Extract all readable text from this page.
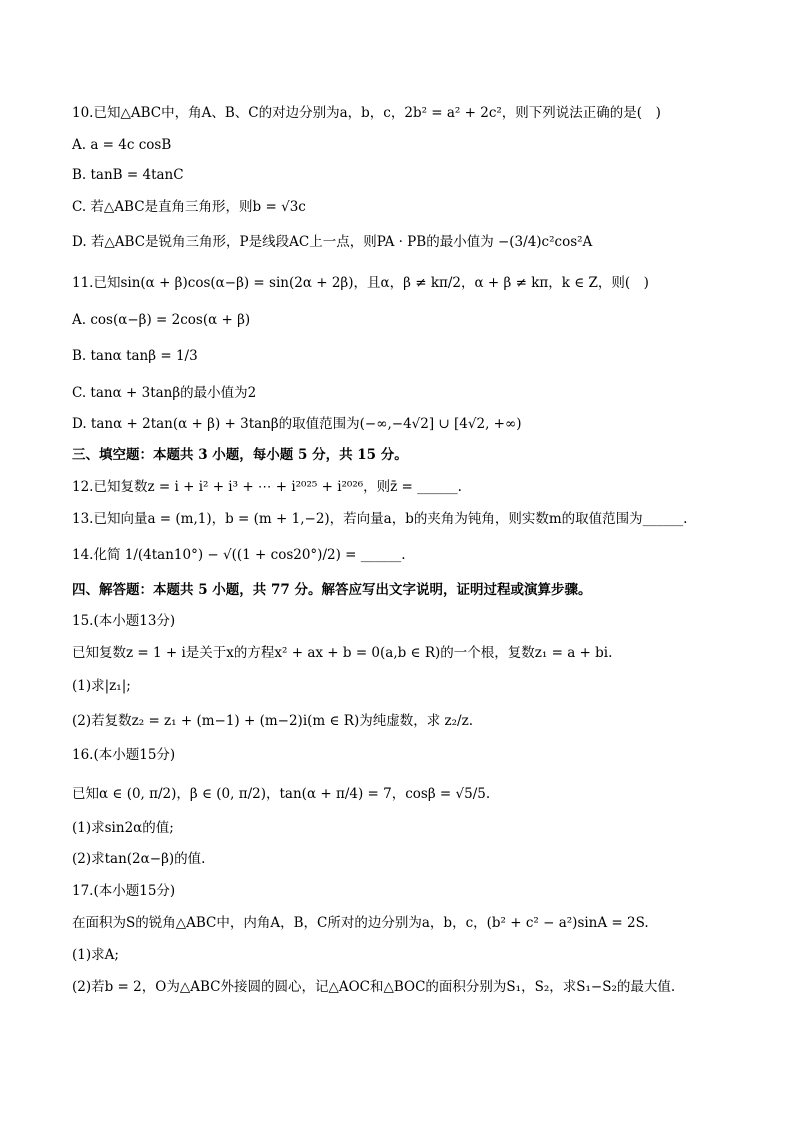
10.已知△ABC中，角A、B、C的对边分别为a，b，c，2b² = a² + 2c²，则下列说法正确的是(　)
A. a = 4c cosB
B. tanB = 4tanC
C. 若△ABC是直角三角形，则b = √3c
D. 若△ABC是锐角三角形，P是线段AC上一点，则PA · PB的最小值为 −(3/4)c²cos²A
11.已知sin(α + β)cos(α−β) = sin(2α + 2β)，且α，β ≠ kπ/2，α + β ≠ kπ，k ∈ Z，则(　)
A. cos(α−β) = 2cos(α + β)
B. tanα tanβ = 1/3
C. tanα + 3tanβ的最小值为2
D. tanα + 2tan(α + β) + 3tanβ的取值范围为(−∞,−4√2] ∪ [4√2, +∞)
三、填空题：本题共 3 小题，每小题 5 分，共 15 分。
12.已知复数z = i + i² + i³ + ⋯ + i²⁰²⁵ + i²⁰²⁶，则z̄ = ______.
13.已知向量a = (m,1)，b = (m + 1,−2)，若向量a，b的夹角为钝角，则实数m的取值范围为______.
14.化简 1/(4tan10°) − √((1 + cos20°)/2) = ______.
四、解答题：本题共 5 小题，共 77 分。解答应写出文字说明，证明过程或演算步骤。
15.(本小题13分)
已知复数z = 1 + i是关于x的方程x² + ax + b = 0(a,b ∈ R)的一个根，复数z₁ = a + bi.
(1)求|z₁|;
(2)若复数z₂ = z₁ + (m−1) + (m−2)i(m ∈ R)为纯虚数，求 z₂/z.
16.(本小题15分)
已知α ∈ (0, π/2)，β ∈ (0, π/2)，tan(α + π/4) = 7，cosβ = √5/5.
(1)求sin2α的值;
(2)求tan(2α−β)的值.
17.(本小题15分)
在面积为S的锐角△ABC中，内角A，B，C所对的边分别为a，b，c，(b² + c² − a²)sinA = 2S.
(1)求A;
(2)若b = 2，O为△ABC外接圆的圆心，记△AOC和△BOC的面积分别为S₁，S₂，求S₁−S₂的最大值.
